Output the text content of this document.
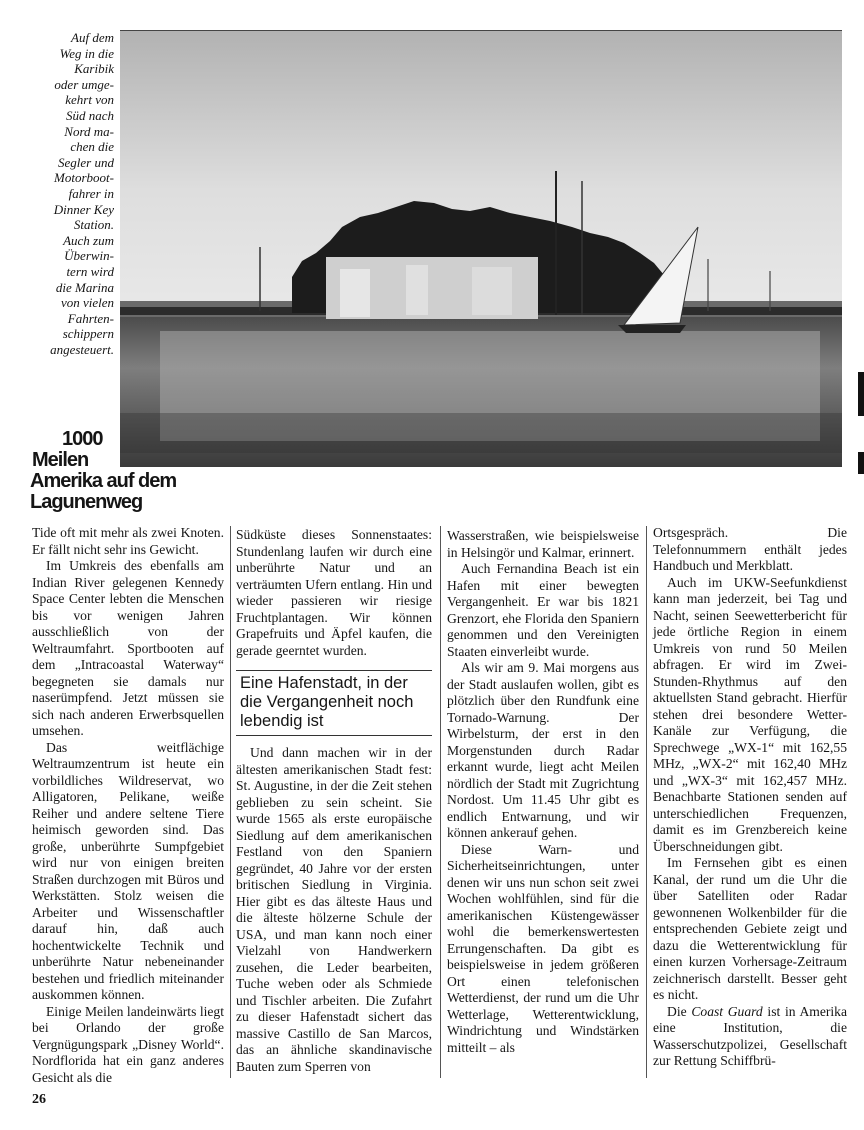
Auf dem
Weg in die
Karibik
oder umge-
kehrt von
Süd nach
Nord ma-
chen die
Segler und
Motorboot-
fahrer in
Dinner Key
Station.
Auch zum
Überwin-
tern wird
die Marina
von vielen
Fahrten-
schippern
angesteuert.
1000
Meilen
Amerika auf dem
Lagunenweg

Tide oft mit mehr als zwei Knoten. Er fällt nicht sehr ins Gewicht.

Im Umkreis des ebenfalls am Indian River gelegenen Kennedy Space Center lebten die Menschen bis vor wenigen Jahren ausschließlich von der Weltraumfahrt. Sportbooten auf dem „Intracoastal Waterway“ begegneten sie damals nur naserümpfend. Jetzt müssen sie sich nach anderen Erwerbsquellen umsehen.

Das weitflächige Weltraumzentrum ist heute ein vorbildliches Wildreservat, wo Alligatoren, Pelikane, weiße Reiher und andere seltene Tiere heimisch geworden sind. Das große, unberührte Sumpfgebiet wird nur von einigen breiten Straßen durchzogen mit Büros und Werkstätten. Stolz weisen die Arbeiter und Wissenschaftler darauf hin, daß auch hochentwickelte Technik und unberührte Natur nebeneinander bestehen und friedlich miteinander auskommen können.

Einige Meilen landeinwärts liegt bei Orlando der große Vergnügungspark „Disney World“. Nordflorida hat ein ganz anderes Gesicht als die

Südküste dieses Sonnenstaates: Stundenlang laufen wir durch eine unberührte Natur und an verträumten Ufern entlang. Hin und wieder passieren wir riesige Fruchtplantagen. Wir können Grapefruits und Äpfel kaufen, die gerade geerntet wurden.

Eine Hafenstadt, in der die Vergangenheit noch lebendig ist

Und dann machen wir in der ältesten amerikanischen Stadt fest: St. Augustine, in der die Zeit stehen geblieben zu sein scheint. Sie wurde 1565 als erste europäische Siedlung auf dem amerikanischen Festland von den Spaniern gegründet, 40 Jahre vor der ersten britischen Siedlung in Virginia. Hier gibt es das älteste Haus und die älteste hölzerne Schule der USA, und man kann noch einer Vielzahl von Handwerkern zusehen, die Leder bearbeiten, Tuche weben oder als Schmiede und Tischler arbeiten. Die Zufahrt zu dieser Hafenstadt sichert das massive Castillo de San Marcos, das an ähnliche skandinavische Bauten zum Sperren von

Wasserstraßen, wie beispielsweise in Helsingör und Kalmar, erinnert.

Auch Fernandina Beach ist ein Hafen mit einer bewegten Vergangenheit. Er war bis 1821 Grenzort, ehe Florida den Spaniern genommen und den Vereinigten Staaten einverleibt wurde.

Als wir am 9. Mai morgens aus der Stadt auslaufen wollen, gibt es plötzlich über den Rundfunk eine Tornado-Warnung. Der Wirbelsturm, der erst in den Morgenstunden durch Radar erkannt wurde, liegt acht Meilen nördlich der Stadt mit Zugrichtung Nordost. Um 11.45 Uhr gibt es endlich Entwarnung, und wir können ankerauf gehen.

Diese Warn- und Sicherheitseinrichtungen, unter denen wir uns nun schon seit zwei Wochen wohlfühlen, sind für die amerikanischen Küstengewässer wohl die bemerkenswertesten Errungenschaften. Da gibt es beispielsweise in jedem größeren Ort einen telefonischen Wetterdienst, der rund um die Uhr Wetterlage, Wetterentwicklung, Windrichtung und Windstärken mitteilt – als

Ortsgespräch. Die Telefonnummern enthält jedes Handbuch und Merkblatt.

Auch im UKW-Seefunkdienst kann man jederzeit, bei Tag und Nacht, seinen Seewetterbericht für jede örtliche Region in einem Umkreis von rund 50 Meilen abfragen. Er wird im Zwei-Stunden-Rhythmus auf den aktuellsten Stand gebracht. Hierfür stehen drei besondere Wetter-Kanäle zur Verfügung, die Sprechwege „WX-1“ mit 162,55 MHz, „WX-2“ mit 162,40 MHz und „WX-3“ mit 162,457 MHz. Benachbarte Stationen senden auf unterschiedlichen Frequenzen, damit es im Grenzbereich keine Überschneidungen gibt.

Im Fernsehen gibt es einen Kanal, der rund um die Uhr die über Satelliten oder Radar gewonnenen Wolkenbilder für die entsprechenden Gebiete zeigt und dazu die Wetterentwicklung für einen kurzen Vorhersage-Zeitraum zeichnerisch darstellt. Besser geht es nicht.

Die Coast Guard ist in Amerika eine Institution, die Wasserschutzpolizei, Gesellschaft zur Rettung Schiffbrü-

26
